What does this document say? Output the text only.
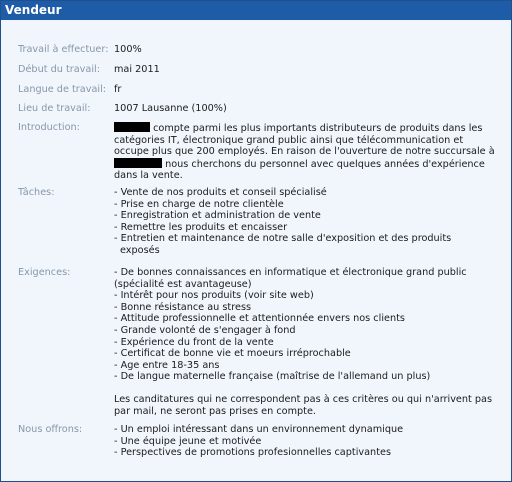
Vendeur
Travail à effectuer: 100%
Début du travail:	mai 2011
Langue de travail: fr
Lieu de travail:	1007 Lausanne (100%)
Introduction:	compte parmi les plus importants distributeurs de produits dans les
catégories IT, électronique grand public ainsi que télécommunication et
occupe plus que 200 employés. En raison de l'ouverture de notre succursale à
nous cherchons du personnel avec quelques années d'expérience
dans la vente.
Tâches:	- Vente de nos produits et conseil spécialisé
- Prise en charge de notre clientèle
- Enregistration et administration de vente
- Remettre les produits et encaisser
- Entretien et maintenance de notre salle d'exposition et des produits
exposés
Exigences:	- De bonnes connaissances en informatique et électronique grand public
(spécialité est avantageuse)
- Intérêt pour nos produits (voir site web)
- Bonne résistance au stress
- Attitude professionnelle et attentionnée envers nos clients
- Grande volonté de s'engager à fond
- Expérience du front de la vente
- Certificat de bonne vie et moeurs irréprochable
- Age entre 18-35 ans
- De langue maternelle française (maîtrise de l'allemand un plus)
Les canditatures qui ne correspondent pas à ces critères ou qui n'arrivent pas
par mail, ne seront pas prises en compte.
Nous offrons:	- Un emploi intéressant dans un environnement dynamique
- Une équipe jeune et motivée
- Perspectives de promotions profesionnelles captivantes
